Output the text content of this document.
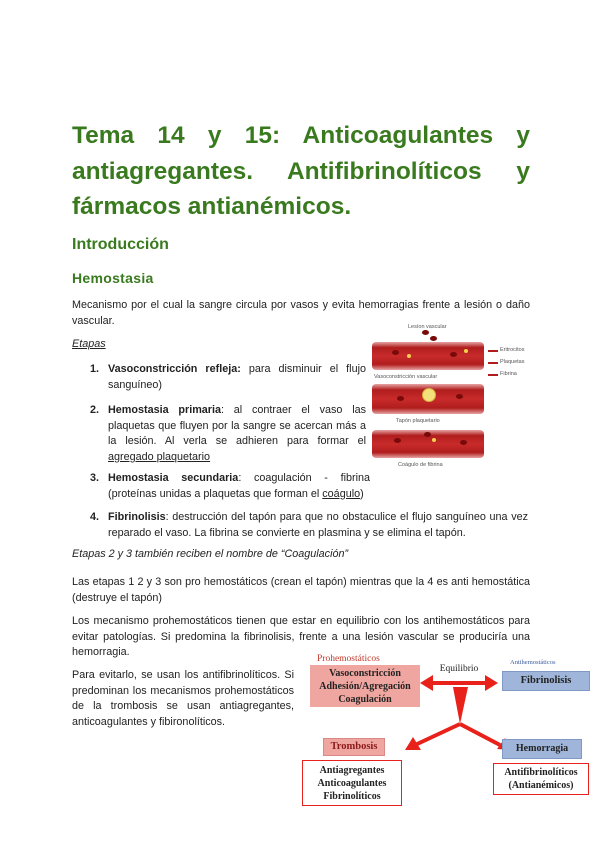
Tema 14 y 15: Anticoagulantes y antiagregantes. Antifibrinolíticos y fármacos antianémicos.
Introducción
Hemostasia
Mecanismo por el cual la sangre circula por vasos y evita hemorragias frente a lesión o daño vascular.
Etapas
1. Vasoconstricción refleja: para disminuir el flujo sanguíneo)
2. Hemostasia primaria: al contraer el vaso las plaquetas que fluyen por la sangre se acercan más a la lesión. Al verla se adhieren para formar el agregado plaquetario
3. Hemostasia secundaria: coagulación - fibrina (proteínas unidas a plaquetas que forman el coágulo)
4. Fibrinolisis: destrucción del tapón para que no obstaculice el flujo sanguíneo una vez reparado el vaso. La fibrina se convierte en plasmina y se elimina el tapón.
Lesíon vascular
Vasoconstricción vascular
Tapón plaquetario
Coágulo de fibrina
Eritrocitos
Plaquetas
Fibrina
Etapas 2 y 3 también reciben el nombre de “Coagulación”
Las etapas 1 2 y 3 son pro hemostáticos (crean el tapón) mientras que la 4 es anti hemostática (destruye el tapón)
Los mecanismo prohemostáticos tienen que estar en equilibrio con los antihemostáticos para evitar patologías. Si predomina la fibrinolisis, frente a una lesión vascular se produciría una hemorragia.
Para evitarlo, se usan los antifibrinolíticos. Si predominan los mecanismos prohemostáticos de la trombosis se usan antiagregantes, anticoagulantes y fibironolíticos.
Prohemostáticos
Vasoconstricción
Adhesión/Agregación
Coagulación
Equilibrio
Antihemostáticos
Fibrinolisis
Trombosis
Antiagregantes
Anticoagulantes
Fibrinolíticos
Hemorragia
Antifibrinolíticos
(Antianémicos)
